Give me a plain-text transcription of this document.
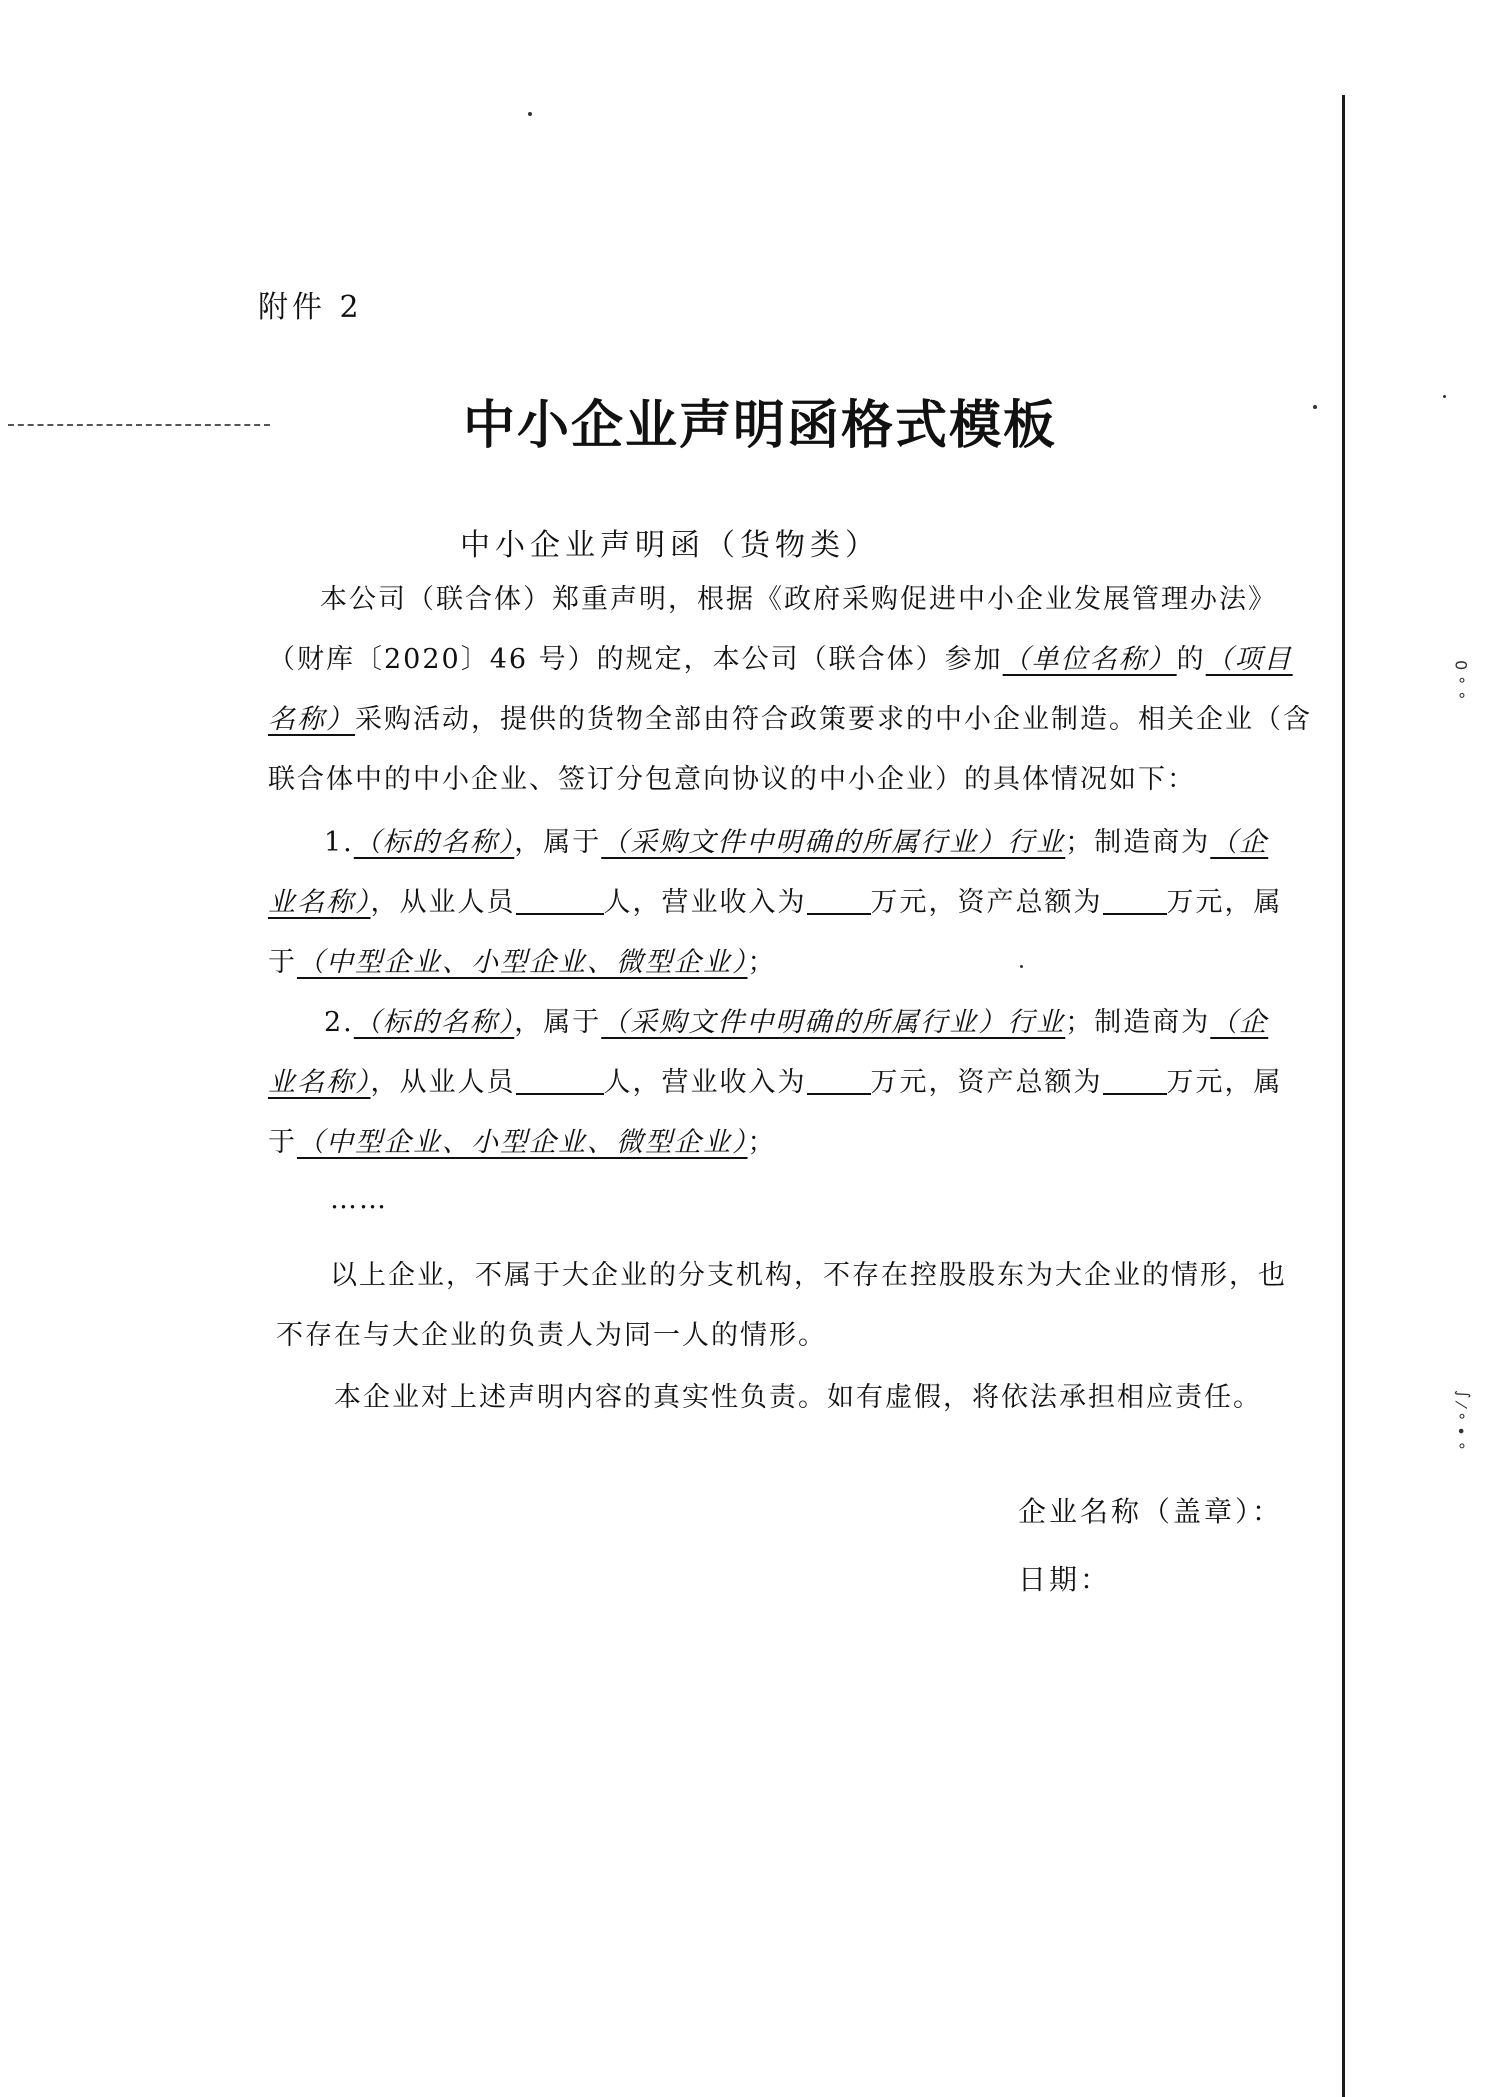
∘ ∘ 0
∘ • ∘ ⁄ ∫
附件 2
中小企业声明函格式模板
中小企业声明函（货物类）
本公司（联合体）郑重声明，根据《政府采购促进中小企业发展管理办法》
（财库〔2020〕46 号）的规定，本公司（联合体）参加（单位名称）的（项目
名称）采购活动，提供的货物全部由符合政策要求的中小企业制造。相关企业（含
联合体中的中小企业、签订分包意向协议的中小企业）的具体情况如下：
1.（标的名称），属于（采购文件中明确的所属行业）行业；制造商为（企
业名称），从业人员	人，营业收入为 万元，资产总额为 万元，属
于（中型企业、小型企业、微型企业）；
2.（标的名称），属于（采购文件中明确的所属行业）行业；制造商为（企
业名称），从业人员	人，营业收入为 万元，资产总额为 万元，属
于（中型企业、小型企业、微型企业）；
……
以上企业，不属于大企业的分支机构，不存在控股股东为大企业的情形，也
不存在与大企业的负责人为同一人的情形。
本企业对上述声明内容的真实性负责。如有虚假，将依法承担相应责任。
企业名称（盖章）：
日期：
